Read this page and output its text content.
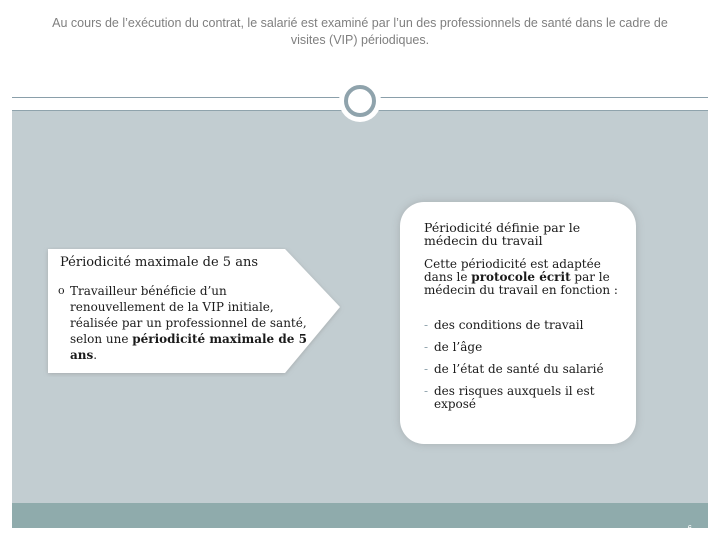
Au cours de l’exécution du contrat, le salarié est examiné par l’un des professionnels de santé dans le cadre de visites (VIP) périodiques.
Périodicité maximale de 5 ans
o Travailleur bénéficie d’un renouvellement de la VIP initiale, réalisée par un professionnel de santé, selon une périodicité maximale de 5 ans.
Périodicité définie par le médecin du travail
Cette périodicité est adaptée dans le protocole écrit par le médecin du travail en fonction :
- des conditions de travail
- de l’âge
- de l’état de santé du salarié
- des risques auxquels il est exposé
6
